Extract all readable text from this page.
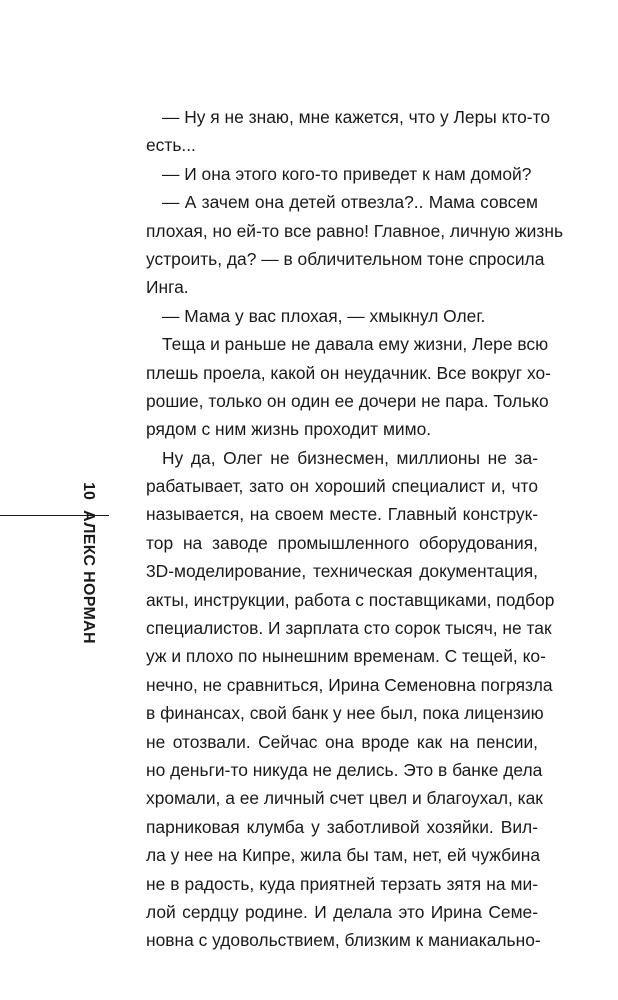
— Ну я не знаю, мне кажется, что у Леры кто-то
есть...
— И она этого кого-то приведет к нам домой?
— А зачем она детей отвезла?.. Мама совсем
плохая, но ей-то все равно! Главное, личную жизнь
устроить, да? — в обличительном тоне спросила
Инга.
— Мама у вас плохая, — хмыкнул Олег.
Теща и раньше не давала ему жизни, Лере всю
плешь проела, какой он неудачник. Все вокруг хо-
рошие, только он один ее дочери не пара. Только
рядом с ним жизнь проходит мимо.
Ну да, Олег не бизнесмен, миллионы не за-
рабатывает, зато он хороший специалист и, что
называется, на своем месте. Главный конструк-
тор на заводе промышленного оборудования,
3D-моделирование, техническая документация,
акты, инструкции, работа с поставщиками, подбор
специалистов. И зарплата сто сорок тысяч, не так
уж и плохо по нынешним временам. С тещей, ко-
нечно, не сравниться, Ирина Семеновна погрязла
в финансах, свой банк у нее был, пока лицензию
не отозвали. Сейчас она вроде как на пенсии,
но деньги-то никуда не делись. Это в банке дела
хромали, а ее личный счет цвел и благоухал, как
парниковая клумба у заботливой хозяйки. Вил-
ла у нее на Кипре, жила бы там, нет, ей чужбина
не в радость, куда приятней терзать зятя на ми-
лой сердцу родине. И делала это Ирина Семе-
новна с удовольствием, близким к маниакально-
10
АЛЕКС НОРМАН
